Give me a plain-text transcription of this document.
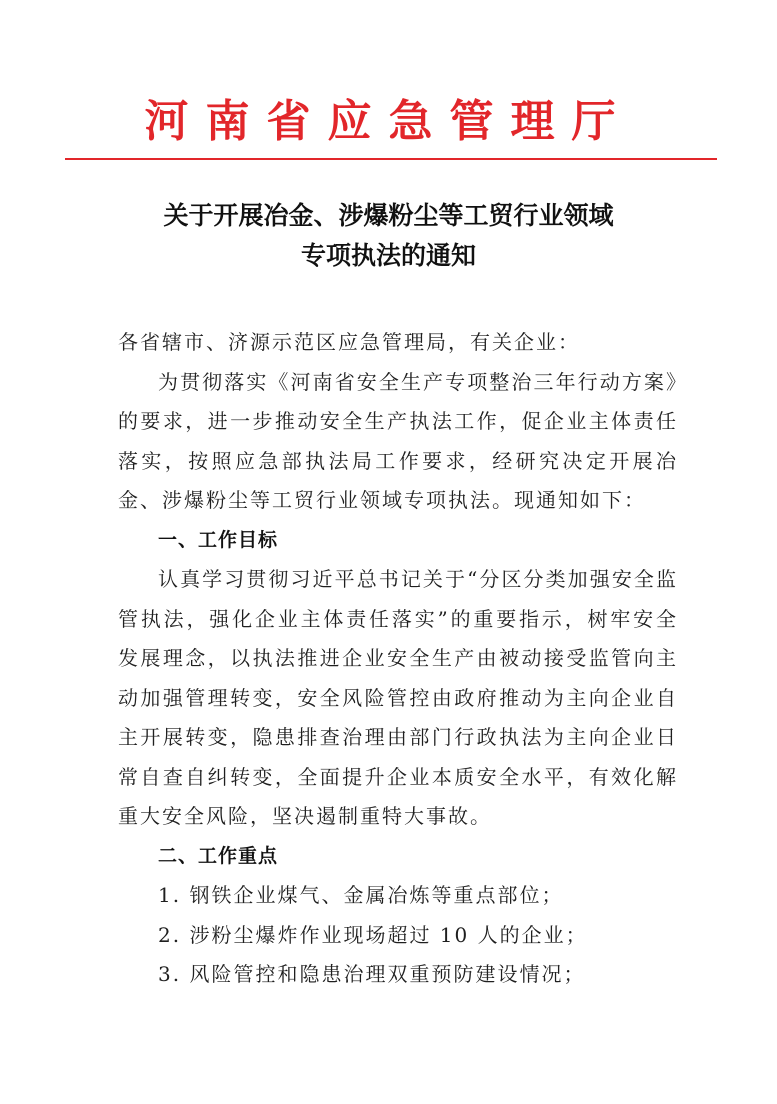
河南省应急管理厅
关于开展冶金、涉爆粉尘等工贸行业领域
专项执法的通知

各省辖市、济源示范区应急管理局，有关企业：

为贯彻落实《河南省安全生产专项整治三年行动方案》的要求，进一步推动安全生产执法工作，促企业主体责任落实，按照应急部执法局工作要求，经研究决定开展冶金、涉爆粉尘等工贸行业领域专项执法。现通知如下：

一、工作目标

认真学习贯彻习近平总书记关于“分区分类加强安全监管执法，强化企业主体责任落实”的重要指示，树牢安全发展理念，以执法推进企业安全生产由被动接受监管向主动加强管理转变，安全风险管控由政府推动为主向企业自主开展转变，隐患排查治理由部门行政执法为主向企业日常自查自纠转变，全面提升企业本质安全水平，有效化解重大安全风险，坚决遏制重特大事故。

二、工作重点

1. 钢铁企业煤气、金属冶炼等重点部位；

2. 涉粉尘爆炸作业现场超过 10 人的企业；

3. 风险管控和隐患治理双重预防建设情况；
